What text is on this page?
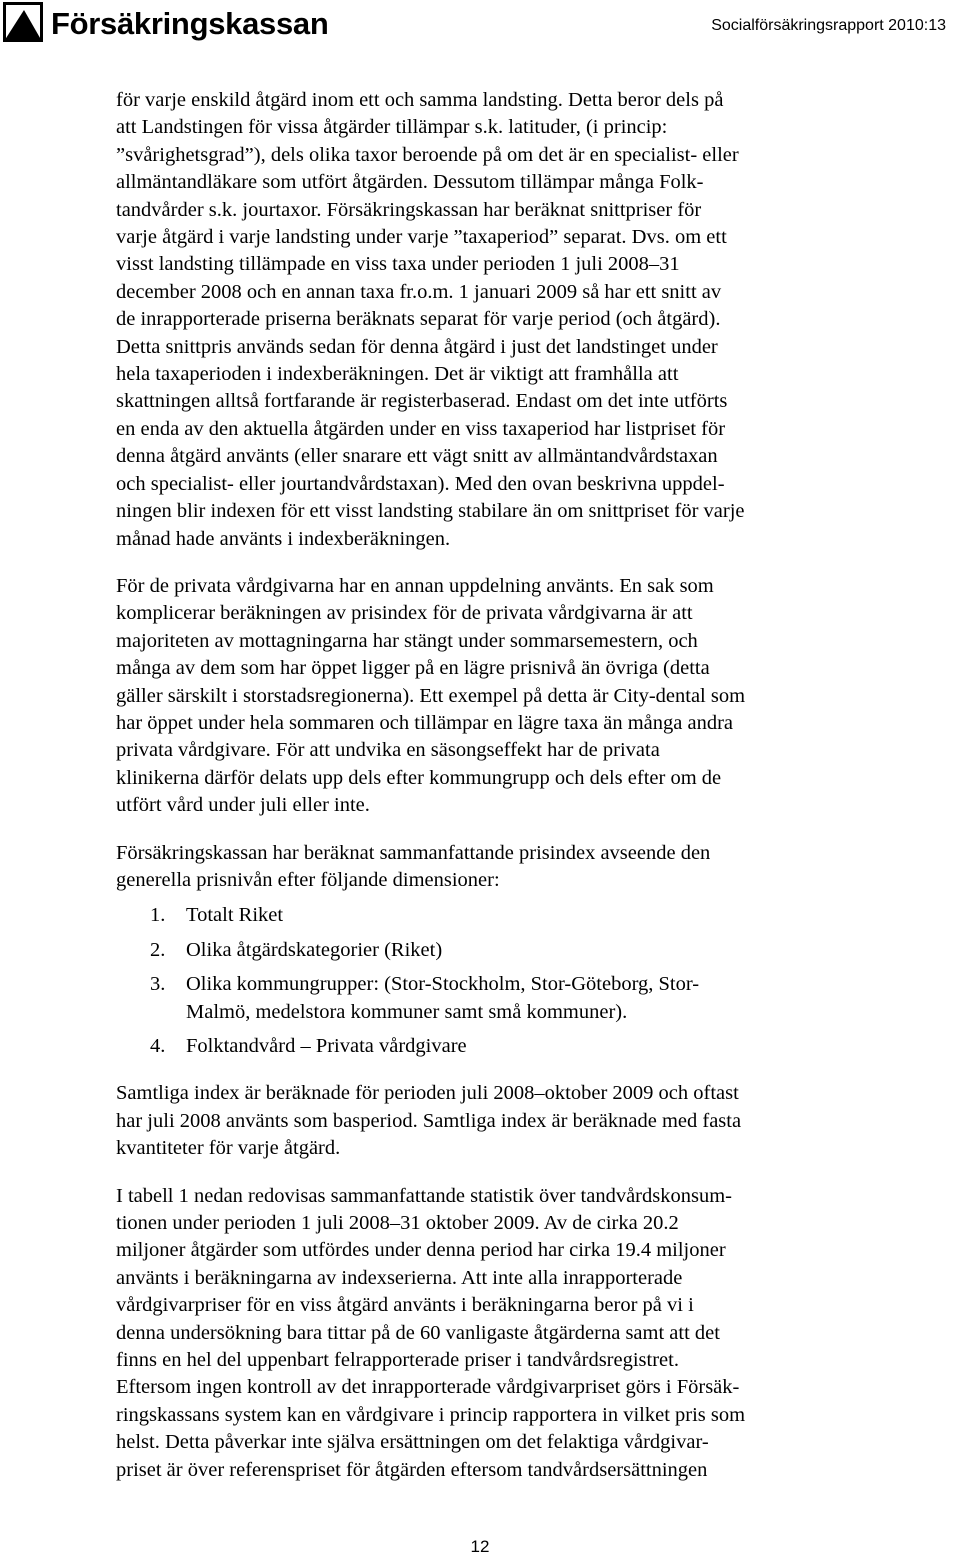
Försäkringskassan	Socialförsäkringsrapport 2010:13

för varje enskild åtgärd inom ett och samma landsting. Detta beror dels på
att Landstingen för vissa åtgärder tillämpar s.k. latituder, (i princip:
”svårighetsgrad”), dels olika taxor beroende på om det är en specialist- eller
allmäntandläkare som utfört åtgärden. Dessutom tillämpar många Folk-
tandvårder s.k. jourtaxor. Försäkringskassan har beräknat snittpriser för
varje åtgärd i varje landsting under varje ”taxaperiod” separat. Dvs. om ett
visst landsting tillämpade en viss taxa under perioden 1 juli 2008–31
december 2008 och en annan taxa fr.o.m. 1 januari 2009 så har ett snitt av
de inrapporterade priserna beräknats separat för varje period (och åtgärd).
Detta snittpris används sedan för denna åtgärd i just det landstinget under
hela taxaperioden i indexberäkningen. Det är viktigt att framhålla att
skattningen alltså fortfarande är registerbaserad. Endast om det inte utförts
en enda av den aktuella åtgärden under en viss taxaperiod har listpriset för
denna åtgärd använts (eller snarare ett vägt snitt av allmäntandvårdstaxan
och specialist- eller jourtandvårdstaxan). Med den ovan beskrivna uppdel-
ningen blir indexen för ett visst landsting stabilare än om snittpriset för varje
månad hade använts i indexberäkningen.

För de privata vårdgivarna har en annan uppdelning använts. En sak som
komplicerar beräkningen av prisindex för de privata vårdgivarna är att
majoriteten av mottagningarna har stängt under sommarsemestern, och
många av dem som har öppet ligger på en lägre prisnivå än övriga (detta
gäller särskilt i storstadsregionerna). Ett exempel på detta är City-dental som
har öppet under hela sommaren och tillämpar en lägre taxa än många andra
privata vårdgivare. För att undvika en säsongseffekt har de privata
klinikerna därför delats upp dels efter kommungrupp och dels efter om de
utfört vård under juli eller inte.

Försäkringskassan har beräknat sammanfattande prisindex avseende den
generella prisnivån efter följande dimensioner:

1. Totalt Riket
2. Olika åtgärdskategorier (Riket)
3. Olika kommungrupper: (Stor-Stockholm, Stor-Göteborg, Stor-
Malmö, medelstora kommuner samt små kommuner).
4. Folktandvård – Privata vårdgivare

Samtliga index är beräknade för perioden juli 2008–oktober 2009 och oftast
har juli 2008 använts som basperiod. Samtliga index är beräknade med fasta
kvantiteter för varje åtgärd.

I tabell 1 nedan redovisas sammanfattande statistik över tandvårdskonsum-
tionen under perioden 1 juli 2008–31 oktober 2009. Av de cirka 20.2
miljoner åtgärder som utfördes under denna period har cirka 19.4 miljoner
använts i beräkningarna av indexserierna. Att inte alla inrapporterade
vårdgivarpriser för en viss åtgärd använts i beräkningarna beror på vi i
denna undersökning bara tittar på de 60 vanligaste åtgärderna samt att det
finns en hel del uppenbart felrapporterade priser i tandvårdsregistret.
Eftersom ingen kontroll av det inrapporterade vårdgivarpriset görs i Försäk-
ringskassans system kan en vårdgivare i princip rapportera in vilket pris som
helst. Detta påverkar inte själva ersättningen om det felaktiga vårdgivar-
priset är över referenspriset för åtgärden eftersom tandvårdsersättningen

12
